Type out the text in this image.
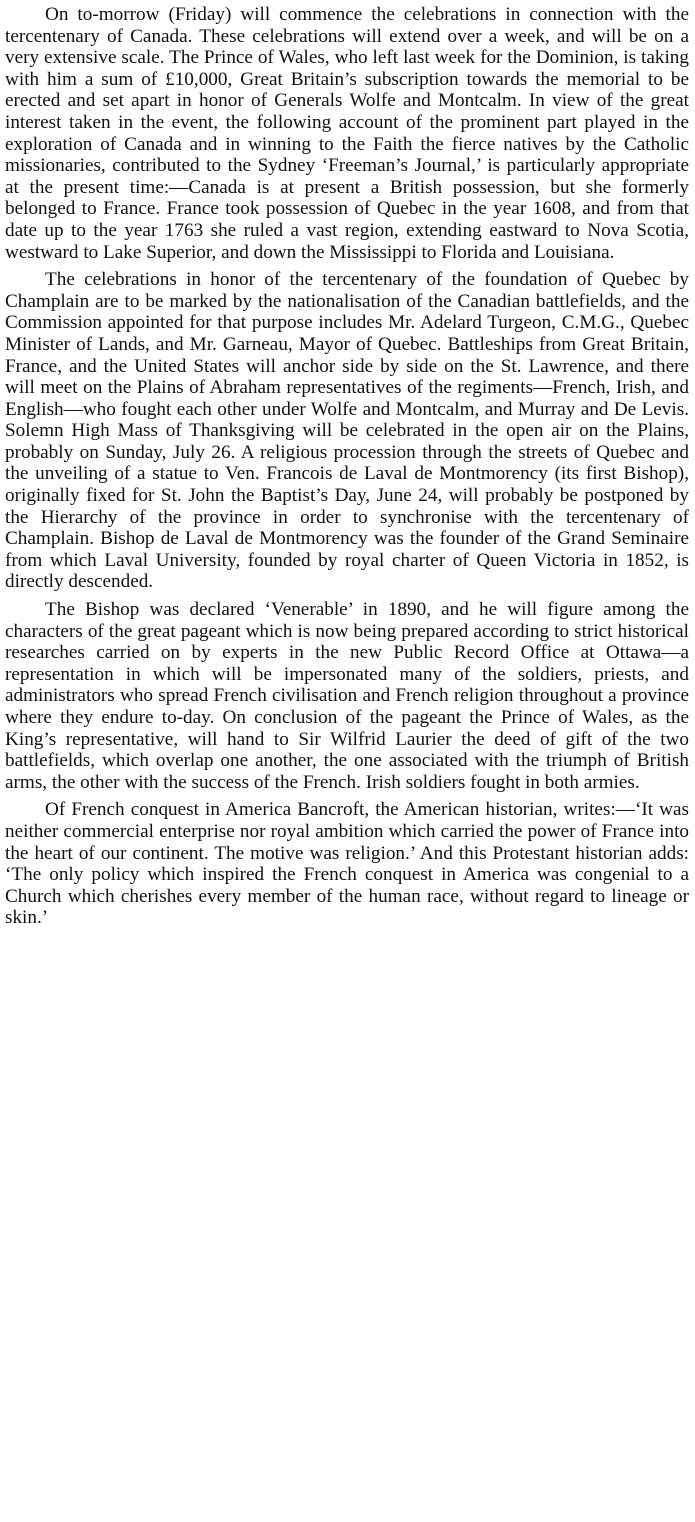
On to-morrow (Friday) will commence the celebrations in connection with the tercentenary of Canada. These celebrations will extend over a week, and will be on a very extensive scale. The Prince of Wales, who left last week for the Dominion, is taking with him a sum of £10,000, Great Britain’s subscription towards the memorial to be erected and set apart in honor of Generals Wolfe and Montcalm. In view of the great interest taken in the event, the following account of the prominent part played in the exploration of Canada and in winning to the Faith the fierce natives by the Catholic missionaries, contributed to the Sydney ‘Freeman’s Journal,’ is particularly appropriate at the present time:—Canada is at present a British possession, but she formerly belonged to France. France took possession of Quebec in the year 1608, and from that date up to the year 1763 she ruled a vast region, extending eastward to Nova Scotia, westward to Lake Superior, and down the Mississippi to Florida and Louisiana.

The celebrations in honor of the tercentenary of the foundation of Quebec by Champlain are to be marked by the nationalisation of the Canadian battlefields, and the Commission appointed for that purpose includes Mr. Adelard Turgeon, C.M.G., Quebec Minister of Lands, and Mr. Garneau, Mayor of Quebec. Battleships from Great Britain, France, and the United States will anchor side by side on the St. Lawrence, and there will meet on the Plains of Abraham representatives of the regiments—French, Irish, and English—who fought each other under Wolfe and Montcalm, and Murray and De Levis. Solemn High Mass of Thanksgiving will be celebrated in the open air on the Plains, probably on Sunday, July 26. A religious procession through the streets of Quebec and the unveiling of a statue to Ven. Francois de Laval de Montmorency (its first Bishop), originally fixed for St. John the Baptist’s Day, June 24, will probably be postponed by the Hierarchy of the province in order to synchronise with the tercentenary of Champlain. Bishop de Laval de Montmorency was the founder of the Grand Seminaire from which Laval University, founded by royal charter of Queen Victoria in 1852, is directly descended.

The Bishop was declared ‘Venerable’ in 1890, and he will figure among the characters of the great pageant which is now being prepared according to strict historical researches carried on by experts in the new Public Record Office at Ottawa—a representation in which will be impersonated many of the soldiers, priests, and administrators who spread French civilisation and French religion throughout a province where they endure to-day. On conclusion of the pageant the Prince of Wales, as the King’s representative, will hand to Sir Wilfrid Laurier the deed of gift of the two battlefields, which overlap one another, the one associated with the triumph of British arms, the other with the success of the French. Irish soldiers fought in both armies.

Of French conquest in America Bancroft, the American historian, writes:—‘It was neither commercial enterprise nor royal ambition which carried the power of France into the heart of our continent. The motive was religion.’ And this Protestant historian adds: ‘The only policy which inspired the French conquest in America was congenial to a Church which cherishes every member of the human race, without regard to lineage or skin.’
